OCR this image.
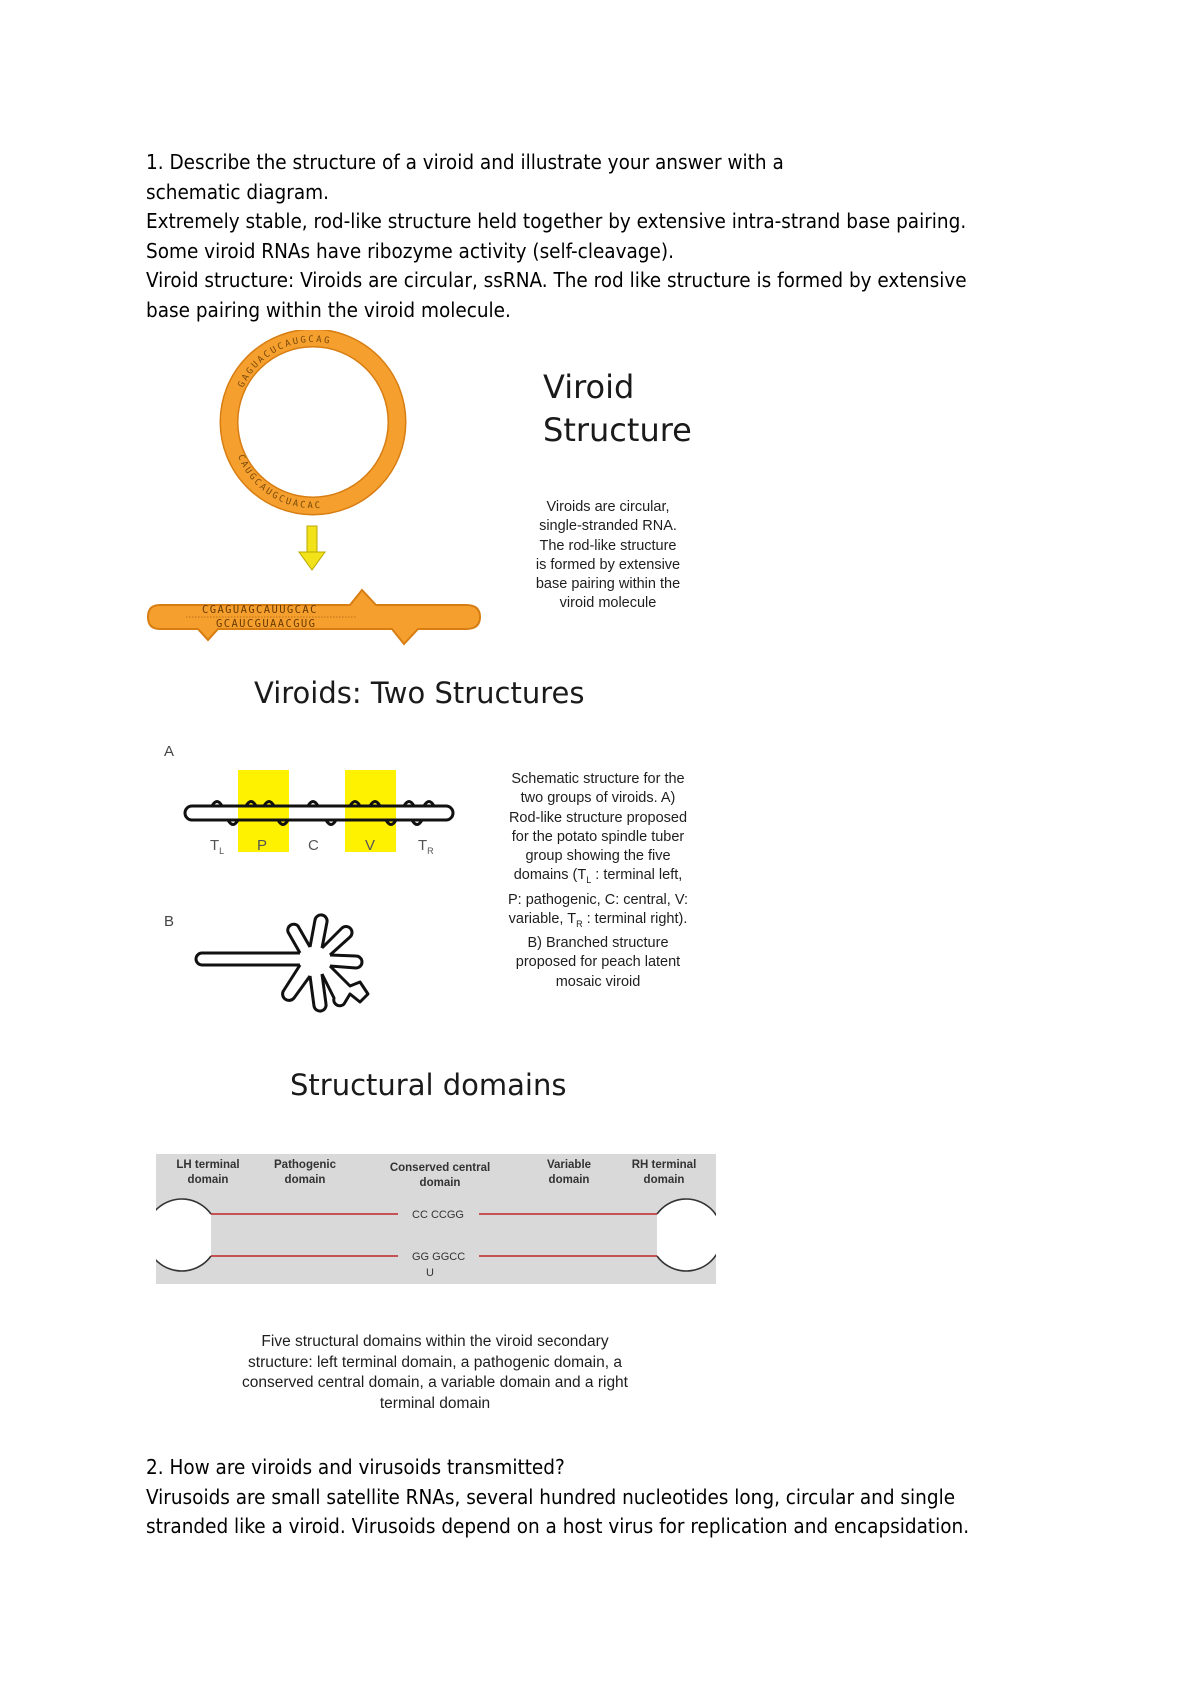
1. Describe the structure of a viroid and illustrate your answer with a

schematic diagram.

Extremely stable, rod-like structure held together by extensive intra-strand base pairing.

Some viroid RNAs have ribozyme activity (self-cleavage).

Viroid structure: Viroids are circular, ssRNA. The rod like structure is formed by extensive

base pairing within the viroid molecule.

GAGUACUCAUGCAG
CAUGCAUGCUACAC
CGAGUAGCAUUGCAC
GCAUCGUAACGUG
Viroid
Structure
Viroids are circular,
single-stranded RNA.
The rod-like structure
is formed by extensive
base pairing within the
viroid molecule
Viroids: Two Structures
A
$T_L$ P	C	V	$T_R$
B
Schematic structure for the
two groups of viroids. A)
Rod-like structure proposed
for the potato spindle tuber
group showing the five
domains ($T_L$ : terminal left,
P: pathogenic, C: central, V:
variable, $T_R$ : terminal right).
B) Branched structure
proposed for peach latent
mosaic viroid
Structural domains
LH terminal
domain
Pathogenic
domain
Conserved central
domain
Variable
domain
RH terminal
domain
CC CCGG
GG GGCC
U
Five structural domains within the viroid secondary
structure: left terminal domain, a pathogenic domain, a
conserved central domain, a variable domain and a right
terminal domain

2. How are viroids and virusoids transmitted?

Virusoids are small satellite RNAs, several hundred nucleotides long, circular and single

stranded like a viroid. Virusoids depend on a host virus for replication and encapsidation.
